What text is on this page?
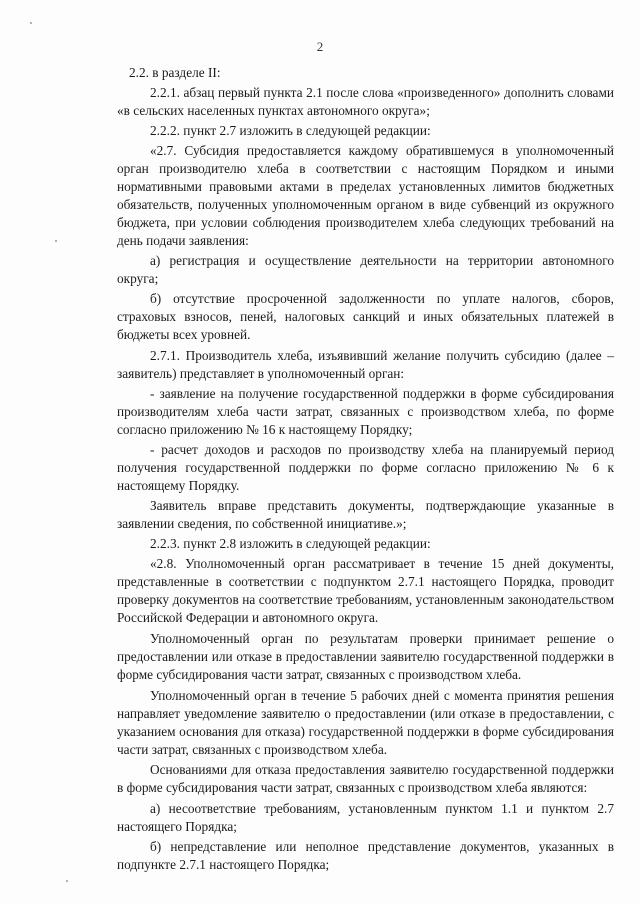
2

2.2. в разделе II:

2.2.1. абзац первый пункта 2.1 после слова «произведенного» дополнить словами «в сельских населенных пунктах автономного округа»;

2.2.2. пункт 2.7 изложить в следующей редакции:

«2.7. Субсидия предоставляется каждому обратившемуся в уполномоченный орган производителю хлеба в соответствии с настоящим Порядком и иными нормативными правовыми актами в пределах установленных лимитов бюджетных обязательств, полученных уполномоченным органом в виде субвенций из окружного бюджета, при условии соблюдения производителем хлеба следующих требований на день подачи заявления:

а) регистрация и осуществление деятельности на территории автономного округа;

б) отсутствие просроченной задолженности по уплате налогов, сборов, страховых взносов, пеней, налоговых санкций и иных обязательных платежей в бюджеты всех уровней.

2.7.1. Производитель хлеба, изъявивший желание получить субсидию (далее – заявитель) представляет в уполномоченный орган:

- заявление на получение государственной поддержки в форме субсидирования производителям хлеба части затрат, связанных с производством хлеба, по форме согласно приложению № 16 к настоящему Порядку;

- расчет доходов и расходов по производству хлеба на планируемый период получения государственной поддержки по форме согласно приложению № 6 к настоящему Порядку.

Заявитель вправе представить документы, подтверждающие указанные в заявлении сведения, по собственной инициативе.»;

2.2.3. пункт 2.8 изложить в следующей редакции:

«2.8. Уполномоченный орган рассматривает в течение 15 дней документы, представленные в соответствии с подпунктом 2.7.1 настоящего Порядка, проводит проверку документов на соответствие требованиям, установленным законодательством Российской Федерации и автономного округа.

Уполномоченный орган по результатам проверки принимает решение о предоставлении или отказе в предоставлении заявителю государственной поддержки в форме субсидирования части затрат, связанных с производством хлеба.

Уполномоченный орган в течение 5 рабочих дней с момента принятия решения направляет уведомление заявителю о предоставлении (или отказе в предоставлении, с указанием основания для отказа) государственной поддержки в форме субсидирования части затрат, связанных с производством хлеба.

Основаниями для отказа предоставления заявителю государственной поддержки в форме субсидирования части затрат, связанных с производством хлеба являются:

а) несоответствие требованиям, установленным пунктом 1.1 и пунктом 2.7 настоящего Порядка;

б) непредставление или неполное представление документов, указанных в подпункте 2.7.1 настоящего Порядка;
